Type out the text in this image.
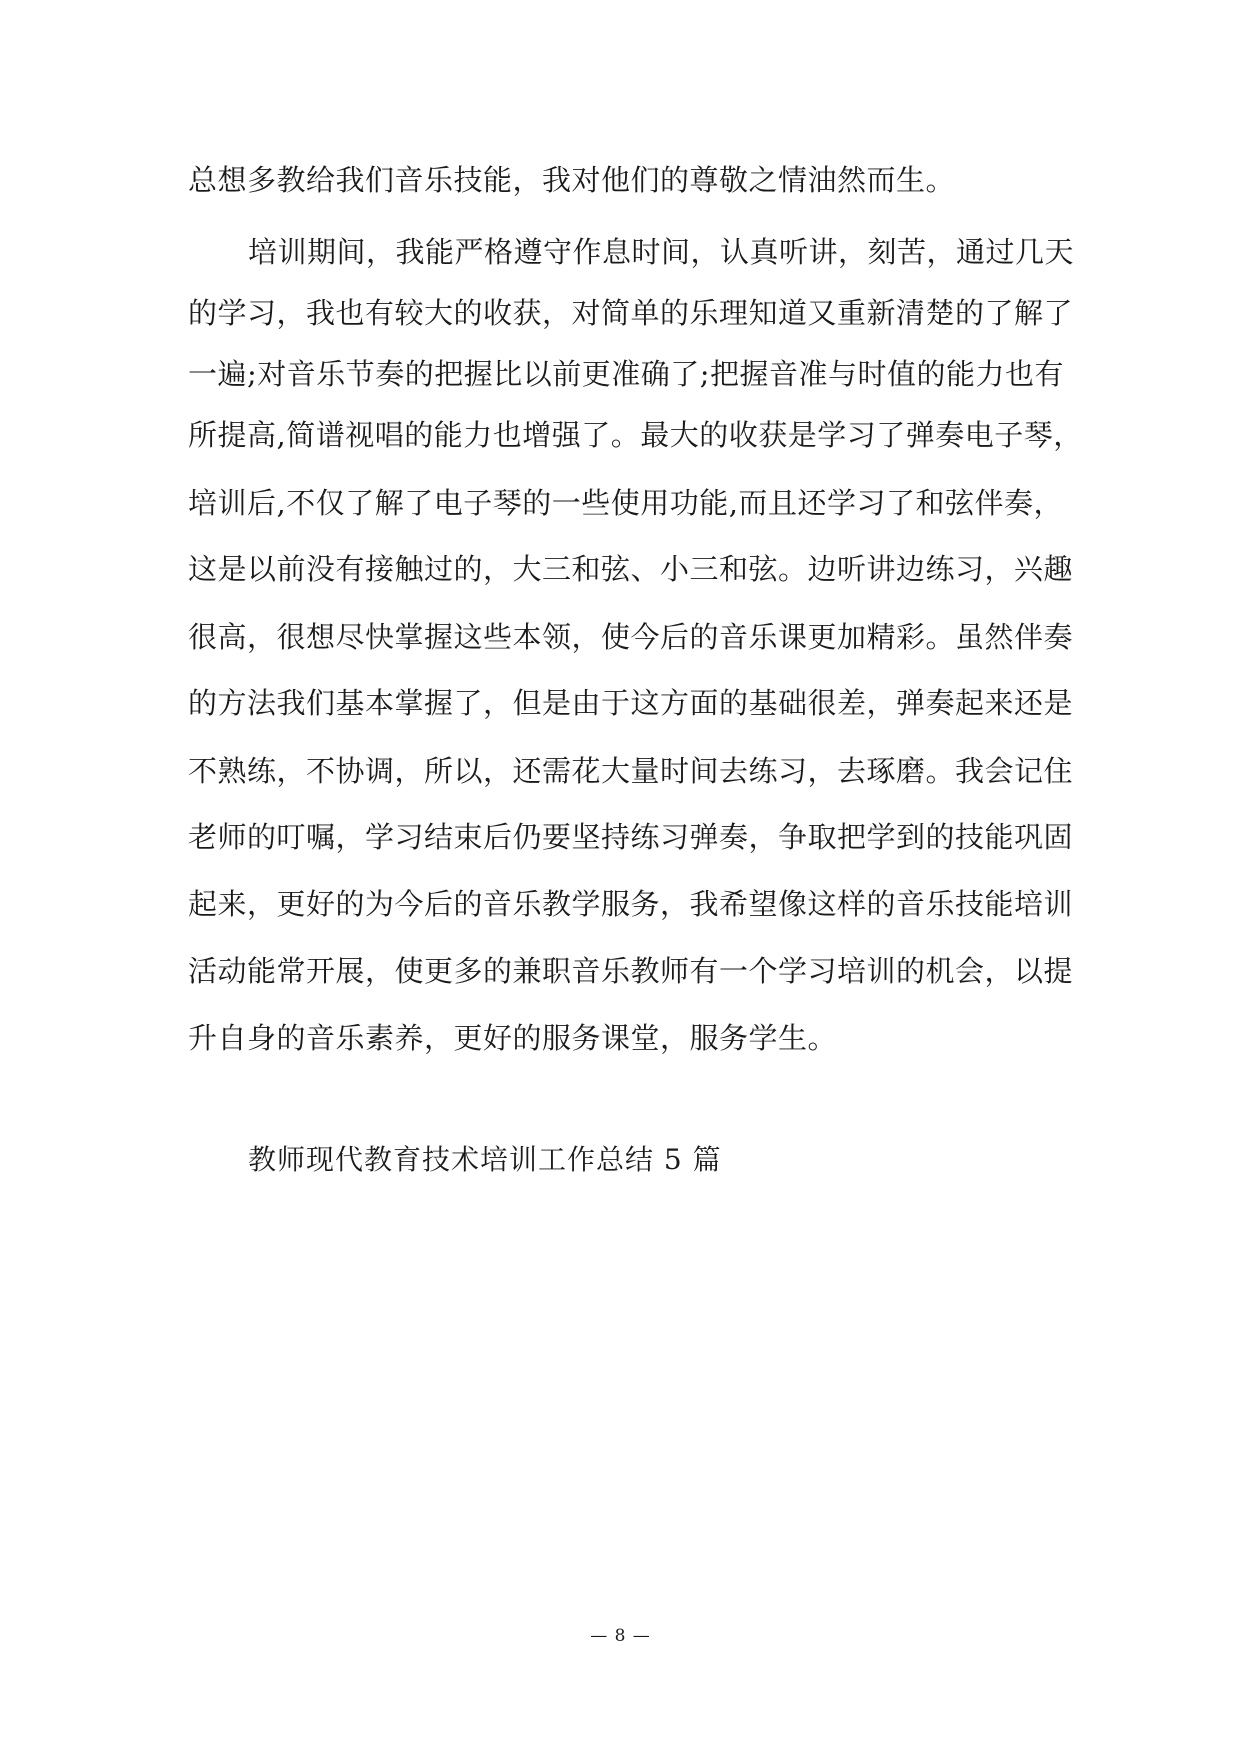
总想多教给我们音乐技能，我对他们的尊敬之情油然而生。
培训期间，我能严格遵守作息时间，认真听讲，刻苦，通过几天
的学习，我也有较大的收获，对简单的乐理知道又重新清楚的了解了
一遍;对音乐节奏的把握比以前更准确了;把握音准与时值的能力也有
所提高,简谱视唱的能力也增强了。最大的收获是学习了弹奏电子琴，
培训后,不仅了解了电子琴的一些使用功能,而且还学习了和弦伴奏，
这是以前没有接触过的，大三和弦、小三和弦。边听讲边练习，兴趣
很高，很想尽快掌握这些本领，使今后的音乐课更加精彩。虽然伴奏
的方法我们基本掌握了，但是由于这方面的基础很差，弹奏起来还是
不熟练，不协调，所以，还需花大量时间去练习，去琢磨。我会记住
老师的叮嘱，学习结束后仍要坚持练习弹奏，争取把学到的技能巩固
起来，更好的为今后的音乐教学服务，我希望像这样的音乐技能培训
活动能常开展，使更多的兼职音乐教师有一个学习培训的机会，以提
升自身的音乐素养，更好的服务课堂，服务学生。
教师现代教育技术培训工作总结 5 篇
— 8 —
